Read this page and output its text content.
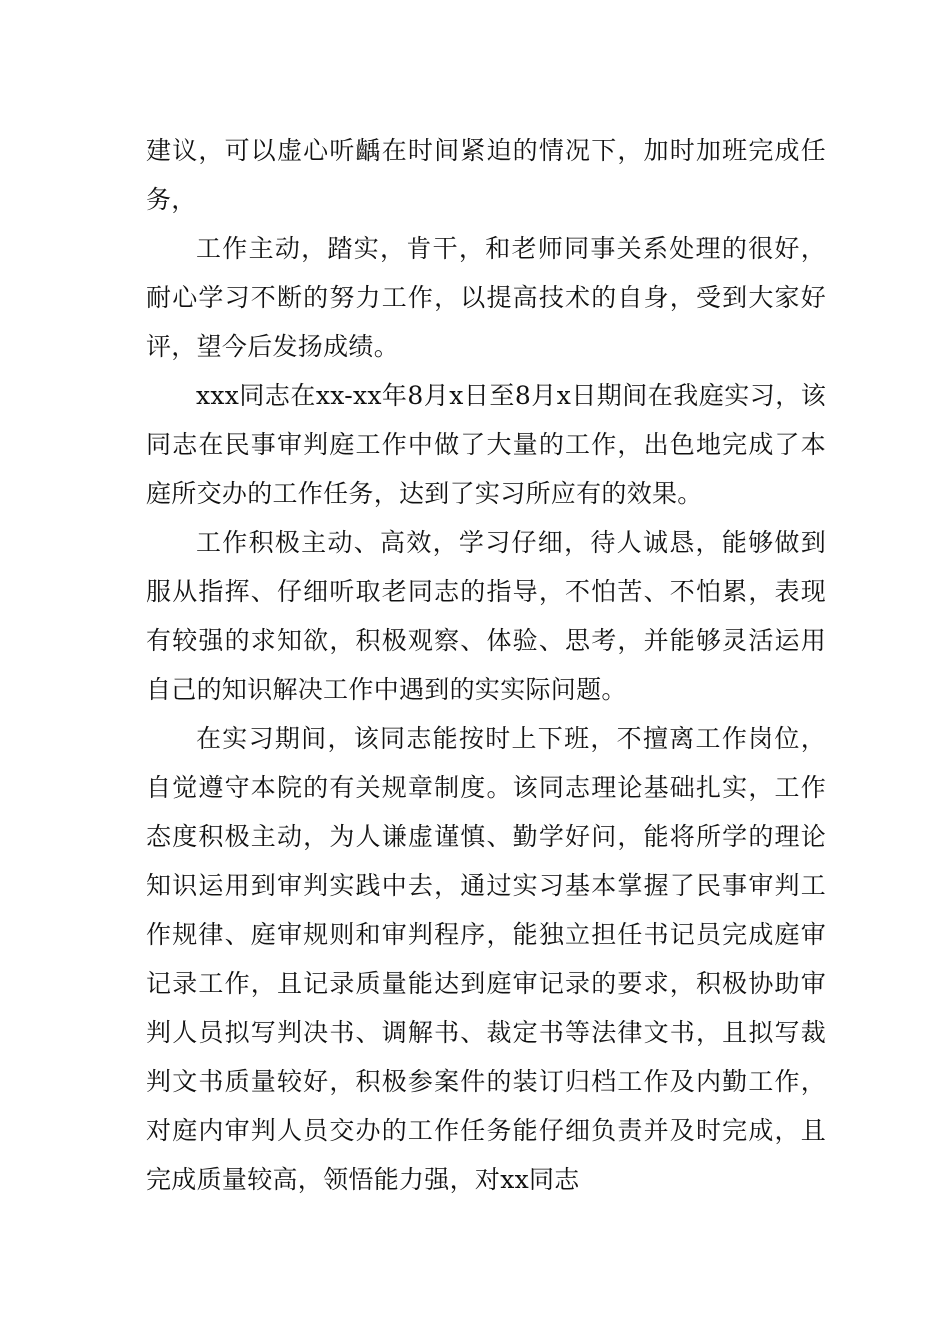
建议，可以虚心听齲在时间紧迫的情况下，加时加班完成任务，

工作主动，踏实，肯干，和老师同事关系处理的很好，耐心学习不断的努力工作，以提高技术的自身，受到大家好评，望今后发扬成绩。

xxx同志在xx-xx年8月x日至8月x日期间在我庭实习，该同志在民事审判庭工作中做了大量的工作，出色地完成了本庭所交办的工作任务，达到了实习所应有的效果。

工作积极主动、高效，学习仔细，待人诚恳，能够做到服从指挥、仔细听取老同志的指导，不怕苦、不怕累，表现有较强的求知欲，积极观察、体验、思考，并能够灵活运用自己的知识解决工作中遇到的实实际问题。

在实习期间，该同志能按时上下班，不擅离工作岗位，自觉遵守本院的有关规章制度。该同志理论基础扎实，工作态度积极主动，为人谦虚谨慎、勤学好问，能将所学的理论知识运用到审判实践中去，通过实习基本掌握了民事审判工作规律、庭审规则和审判程序，能独立担任书记员完成庭审记录工作，且记录质量能达到庭审记录的要求，积极协助审判人员拟写判决书、调解书、裁定书等法律文书，且拟写裁判文书质量较好，积极参案件的装订归档工作及内勤工作，对庭内审判人员交办的工作任务能仔细负责并及时完成，且完成质量较高，领悟能力强，对xx同志
